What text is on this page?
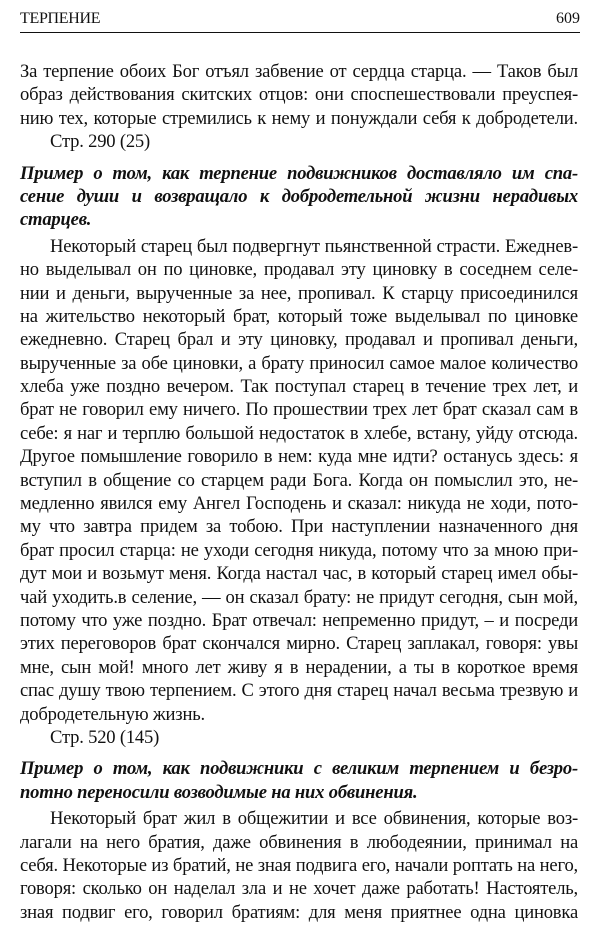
ТЕРПЕНИЕ	609
За терпение обоих Бог отъял забвение от сердца старца. — Таков был
образ действования скитских отцов: они споспешествовали преуспея-
нию тех, которые стремились к нему и понуждали себя к добродетели.
Стр. 290 (25)
Пример о том, как терпение подвижников доставляло им спа-
сение души и возвращало к добродетельной жизни нерадивых
старцев.
Некоторый старец был подвергнут пьянственной страсти. Ежеднев-
но выделывал он по циновке, продавал эту циновку в соседнем селе-
нии и деньги, вырученные за нее, пропивал. К старцу присоединился
на жительство некоторый брат, который тоже выделывал по циновке
ежедневно. Старец брал и эту циновку, продавал и пропивал деньги,
вырученные за обе циновки, а брату приносил самое малое количество
хлеба уже поздно вечером. Так поступал старец в течение трех лет, и
брат не говорил ему ничего. По прошествии трех лет брат сказал сам в
себе: я наг и терплю большой недостаток в хлебе, встану, уйду отсюда.
Другое помышление говорило в нем: куда мне идти? останусь здесь: я
вступил в общение со старцем ради Бога. Когда он помыслил это, не-
медленно явился ему Ангел Господень и сказал: никуда не ходи, пото-
му что завтра придем за тобою. При наступлении назначенного дня
брат просил старца: не уходи сегодня никуда, потому что за мною при-
дут мои и возьмут меня. Когда настал час, в который старец имел обы-
чай уходить.в селение, — он сказал брату: не придут сегодня, сын мой,
потому что уже поздно. Брат отвечал: непременно придут, – и посреди
этих переговоров брат скончался мирно. Старец заплакал, говоря: увы
мне, сын мой! много лет живу я в нерадении, а ты в короткое время
спас душу твою терпением. С этого дня старец начал весьма трезвую и
добродетельную жизнь.
Стр. 520 (145)
Пример о том, как подвижники с великим терпением и безро-
потно переносили возводимые на них обвинения.
Некоторый брат жил в общежитии и все обвинения, которые воз-
лагали на него братия, даже обвинения в любодеянии, принимал на
себя. Некоторые из братий, не зная подвига его, начали роптать на него,
говоря: сколько он наделал зла и не хочет даже работать! Настоятель,
зная подвиг его, говорил братиям: для меня приятнее одна циновка
